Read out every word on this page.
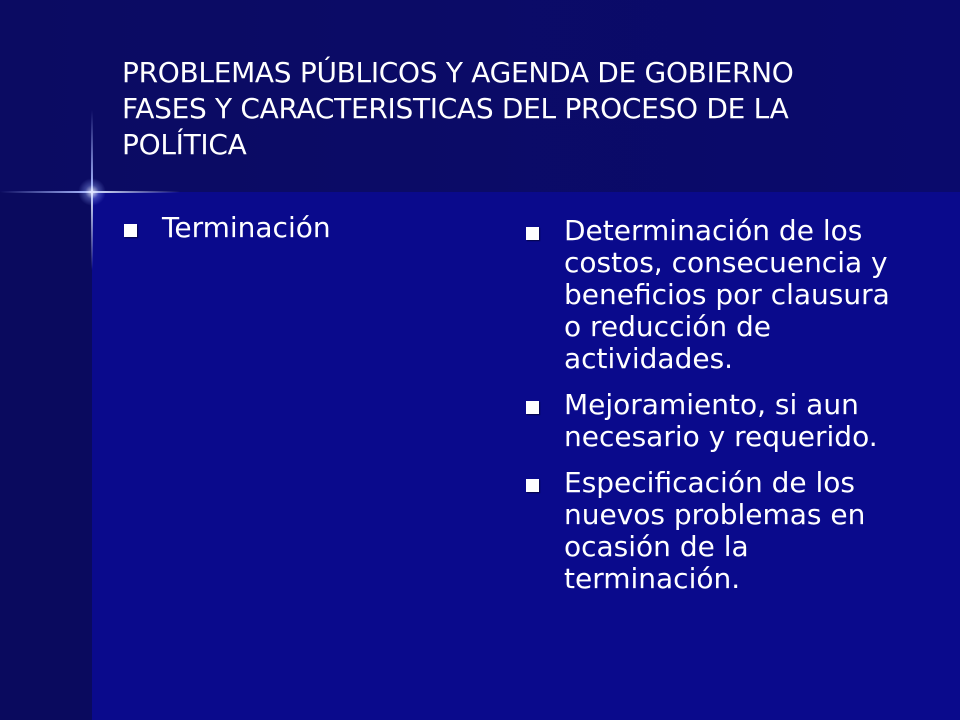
PROBLEMAS PÚBLICOS Y AGENDA DE GOBIERNO
FASES Y CARACTERISTICAS DEL PROCESO DE LA
POLÍTICA
Terminación	Determinación de los costos, consecuencia y beneficios por clausura o reducción de actividades.
Mejoramiento, si aun necesario y requerido.
Especificación de los nuevos problemas en ocasión de la terminación.
